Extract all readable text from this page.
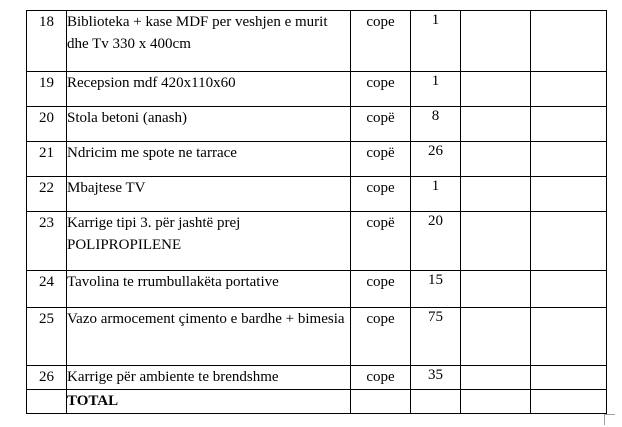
18	Biblioteka + kase MDF per veshjen e murit dhe Tv 330 x 400cm	cope	1		

19	Recepsion mdf 420x110x60	cope	1		

20	Stola betoni (anash)	copë	8		

21	Ndricim me spote ne tarrace	copë	26		

22	Mbajtese TV	cope	1		

23	Karrige tipi 3. për jashtë prej POLIPROPILENE	copë	20		

24	Tavolina te rrumbullakëta portative	cope	15		

25	Vazo armocement çimento e bardhe + bimesia	cope	75		

26	Karrige për ambiente te brendshme	cope	35		

	TOTAL				
